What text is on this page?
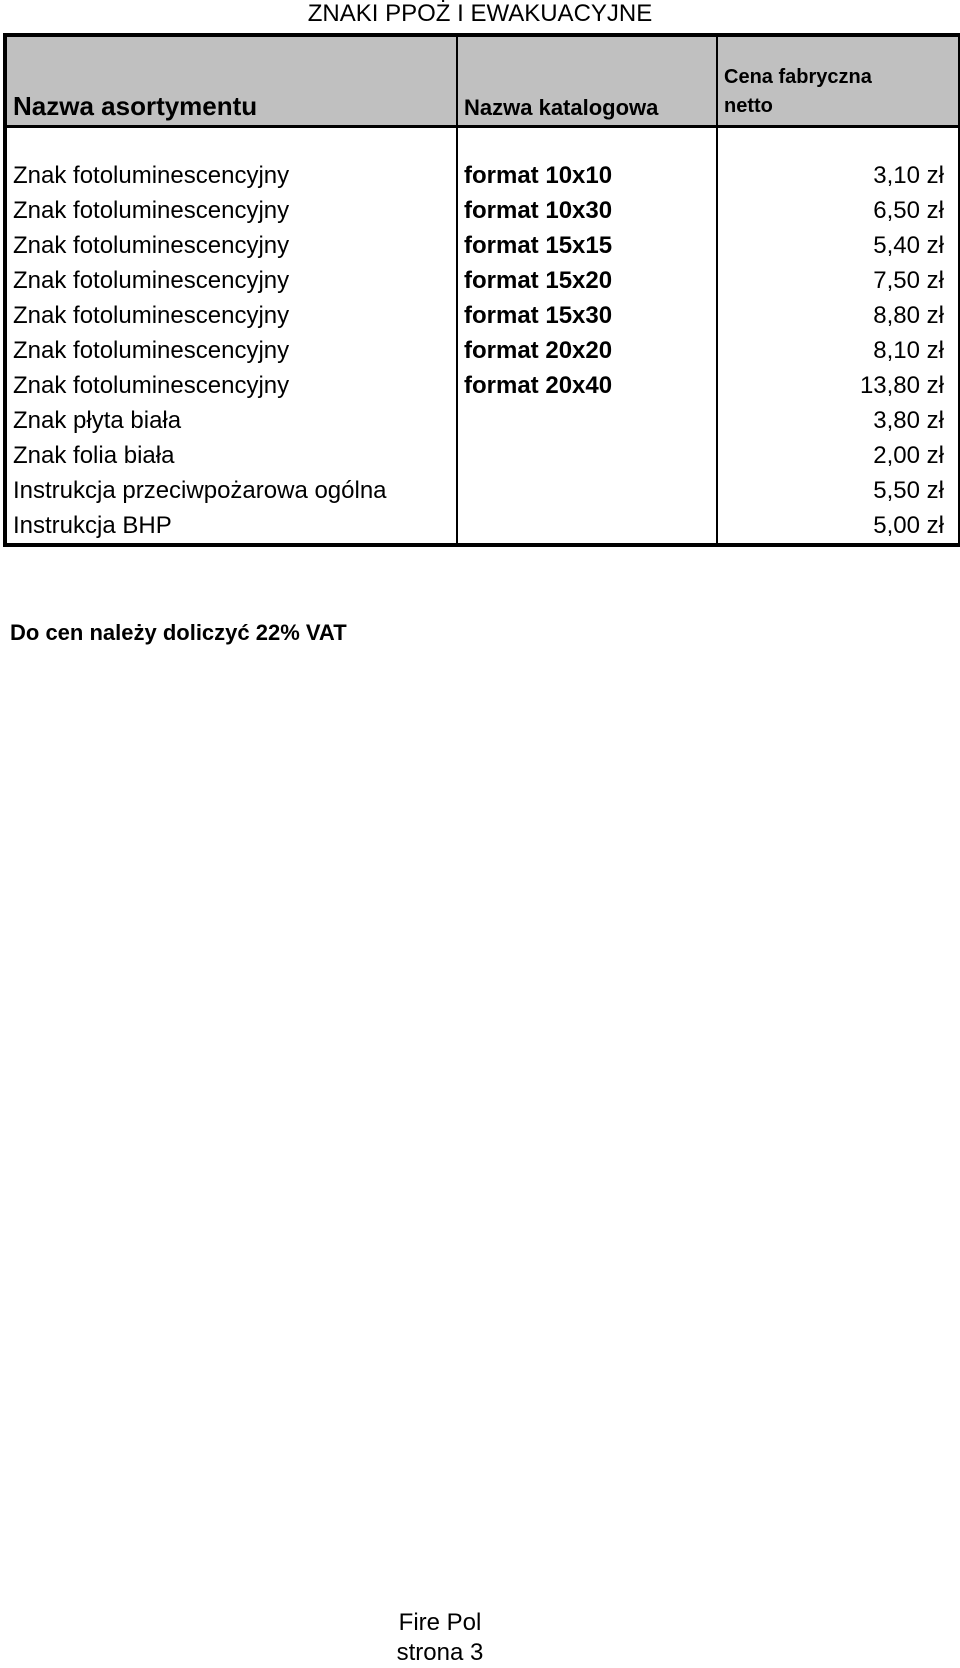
ZNAKI PPOŻ I EWAKUACYJNE
Nazwa asortymentu	Nazwa katalogowa	Cena fabryczna
netto

Znak fotoluminescencyjny	format 10x10	3,10 zł
Znak fotoluminescencyjny	format 10x30	6,50 zł
Znak fotoluminescencyjny	format 15x15	5,40 zł
Znak fotoluminescencyjny	format 15x20	7,50 zł
Znak fotoluminescencyjny	format 15x30	8,80 zł
Znak fotoluminescencyjny	format 20x20	8,10 zł
Znak fotoluminescencyjny	format 20x40	13,80 zł
Znak płyta biała		3,80 zł
Znak folia biała		2,00 zł
Instrukcja przeciwpożarowa ogólna		5,50 zł
Instrukcja BHP		5,00 zł
Do cen należy doliczyć 22% VAT
Fire Pol
strona 3
